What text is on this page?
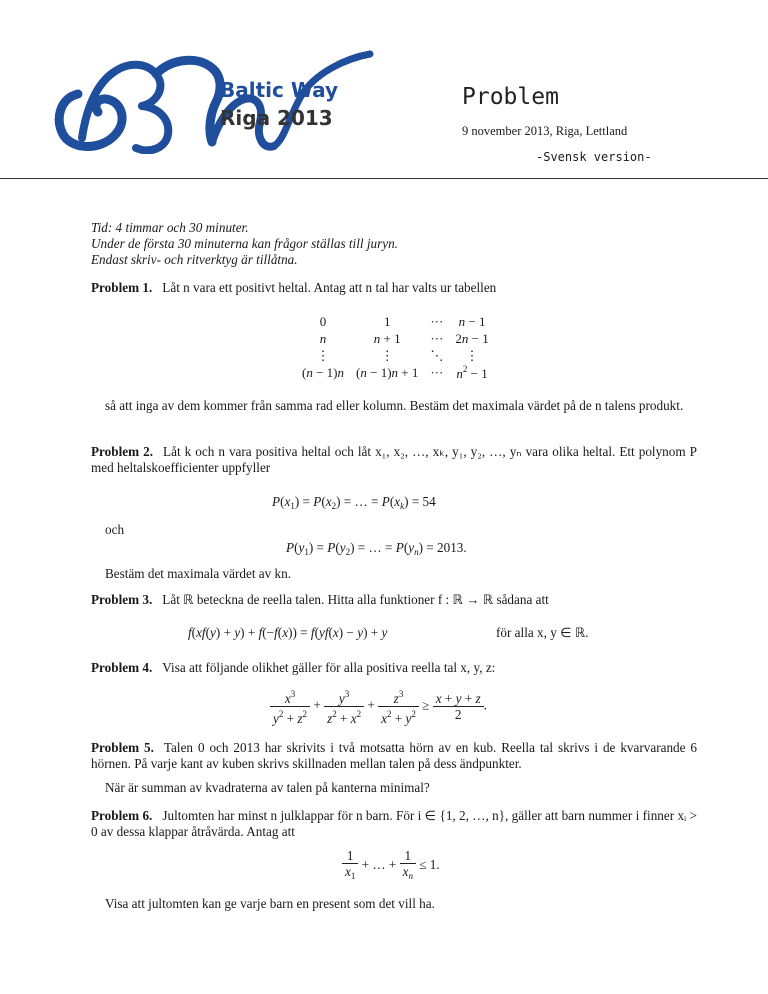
Baltic Way
Riga 2013
Problem
9 november 2013, Riga, Lettland
-Svensk version-
Tid: 4 timmar och 30 minuter.
Under de första 30 minuterna kan frågor ställas till juryn.
Endast skriv- och ritverktyg är tillåtna.
Problem 1. Låt n vara ett positivt heltal. Antag att n tal har valts ur tabellen
0	1	···	n − 1
n	n + 1	···	2n − 1
⋮	⋮	⋱	⋮
(n − 1)n	(n − 1)n + 1	···	$n^2 - 1$
så att inga av dem kommer från samma rad eller kolumn. Bestäm det maximala värdet på de n talens produkt.
Problem 2. Låt k och n vara positiva heltal och låt x₁, x₂, …, xₖ, y₁, y₂, …, yₙ vara olika heltal. Ett polynom P med heltalskoefficienter uppfyller
$P(x_1) = P(x_2)$ = … = $P(x_k) = 54$
och
$P(y_1) = P(y_2)$ = … = $P(y_n) = 2013$.
Bestäm det maximala värdet av kn.
Problem 3. Låt ℝ beteckna de reella talen. Hitta alla funktioner f : ℝ → ℝ sådana att
f(xf(y) + y) + f(−f(x)) = f(yf(x) − y) + y	för alla x, y ∈ ℝ.
Problem 4. Visa att följande olikhet gäller för alla positiva reella tal x, y, z:
$\frac{x^3}{y^2 + z^2} + \frac{y^3}{z^2 + x^2} + \frac{z^3}{x^2 + y^2} \ge \frac{x + y + z}{2}$ .
Problem 5. Talen 0 och 2013 har skrivits i två motsatta hörn av en kub. Reella tal skrivs i de kvarvarande 6 hörnen. På varje kant av kuben skrivs skillnaden mellan talen på dess ändpunkter.
När är summan av kvadraterna av talen på kanterna minimal?
Problem 6. Jultomten har minst n julklappar för n barn. För i ∈ {1, 2, …, n}, gäller att barn nummer i finner xᵢ > 0 av dessa klappar åtråvärda. Antag att
$\frac{1}{x_1}$ + … + $\frac{1}{x_n} \le 1$.
Visa att jultomten kan ge varje barn en present som det vill ha.
